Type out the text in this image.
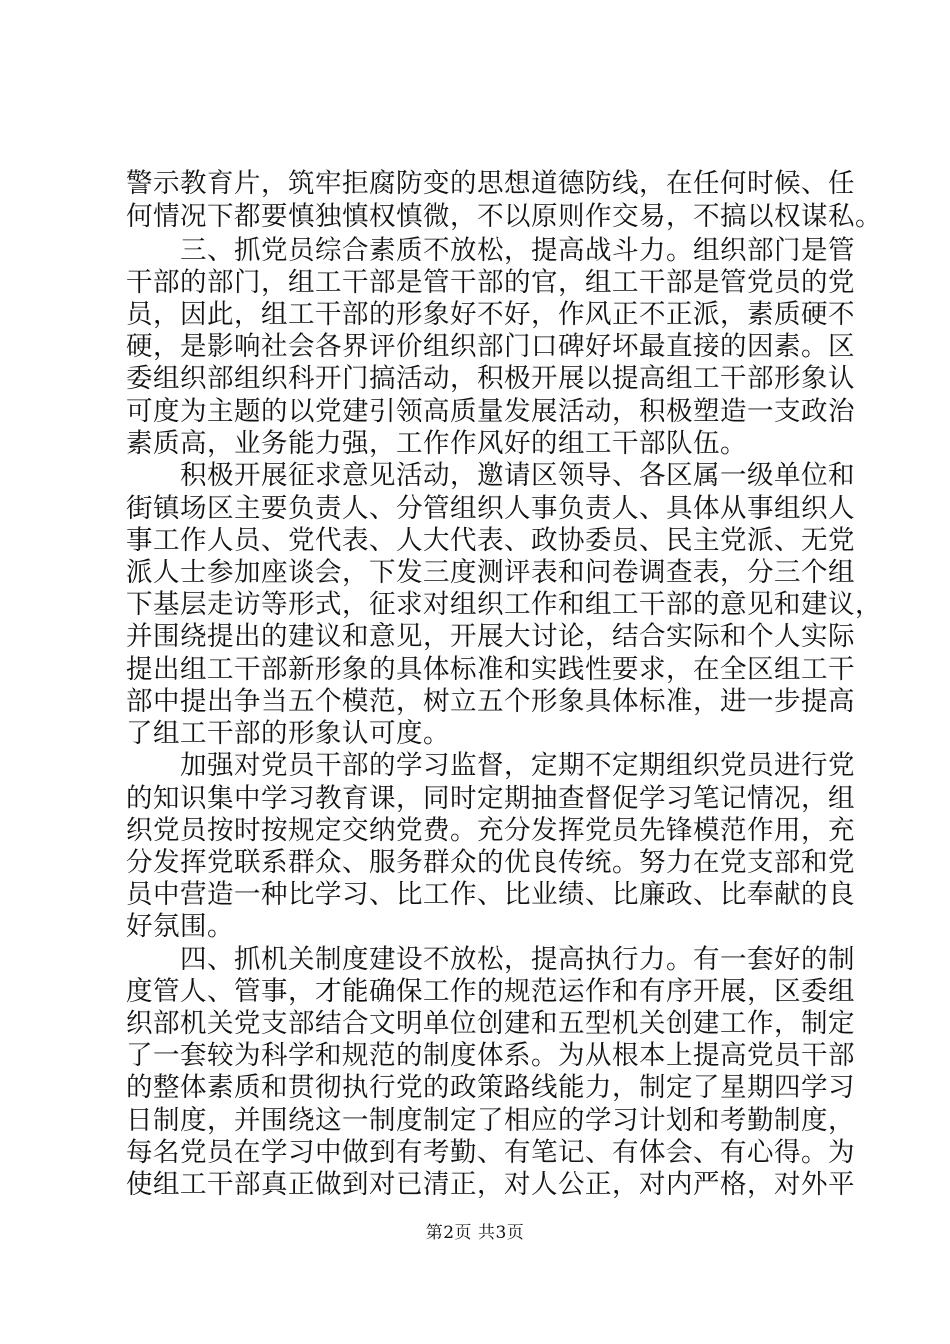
警示教育片，筑牢拒腐防变的思想道德防线，在任何时候、任
何情况下都要慎独慎权慎微，不以原则作交易，不搞以权谋私。
　　三、抓党员综合素质不放松，提高战斗力。组织部门是管
干部的部门，组工干部是管干部的官，组工干部是管党员的党
员，因此，组工干部的形象好不好，作风正不正派，素质硬不
硬，是影响社会各界评价组织部门口碑好坏最直接的因素。区
委组织部组织科开门搞活动，积极开展以提高组工干部形象认
可度为主题的以党建引领高质量发展活动，积极塑造一支政治
素质高，业务能力强，工作作风好的组工干部队伍。
　　积极开展征求意见活动，邀请区领导、各区属一级单位和
街镇场区主要负责人、分管组织人事负责人、具体从事组织人
事工作人员、党代表、人大代表、政协委员、民主党派、无党
派人士参加座谈会，下发三度测评表和问卷调查表，分三个组
下基层走访等形式，征求对组织工作和组工干部的意见和建议，
并围绕提出的建议和意见，开展大讨论，结合实际和个人实际
提出组工干部新形象的具体标准和实践性要求，在全区组工干
部中提出争当五个模范，树立五个形象具体标准，进一步提高
了组工干部的形象认可度。
　　加强对党员干部的学习监督，定期不定期组织党员进行党
的知识集中学习教育课，同时定期抽查督促学习笔记情况，组
织党员按时按规定交纳党费。充分发挥党员先锋模范作用，充
分发挥党联系群众、服务群众的优良传统。努力在党支部和党
员中营造一种比学习、比工作、比业绩、比廉政、比奉献的良
好氛围。
　　四、抓机关制度建设不放松，提高执行力。有一套好的制
度管人、管事，才能确保工作的规范运作和有序开展，区委组
织部机关党支部结合文明单位创建和五型机关创建工作，制定
了一套较为科学和规范的制度体系。为从根本上提高党员干部
的整体素质和贯彻执行党的政策路线能力，制定了星期四学习
日制度，并围绕这一制度制定了相应的学习计划和考勤制度，
每名党员在学习中做到有考勤、有笔记、有体会、有心得。为
使组工干部真正做到对已清正，对人公正，对内严格，对外平
第2页 共3页
